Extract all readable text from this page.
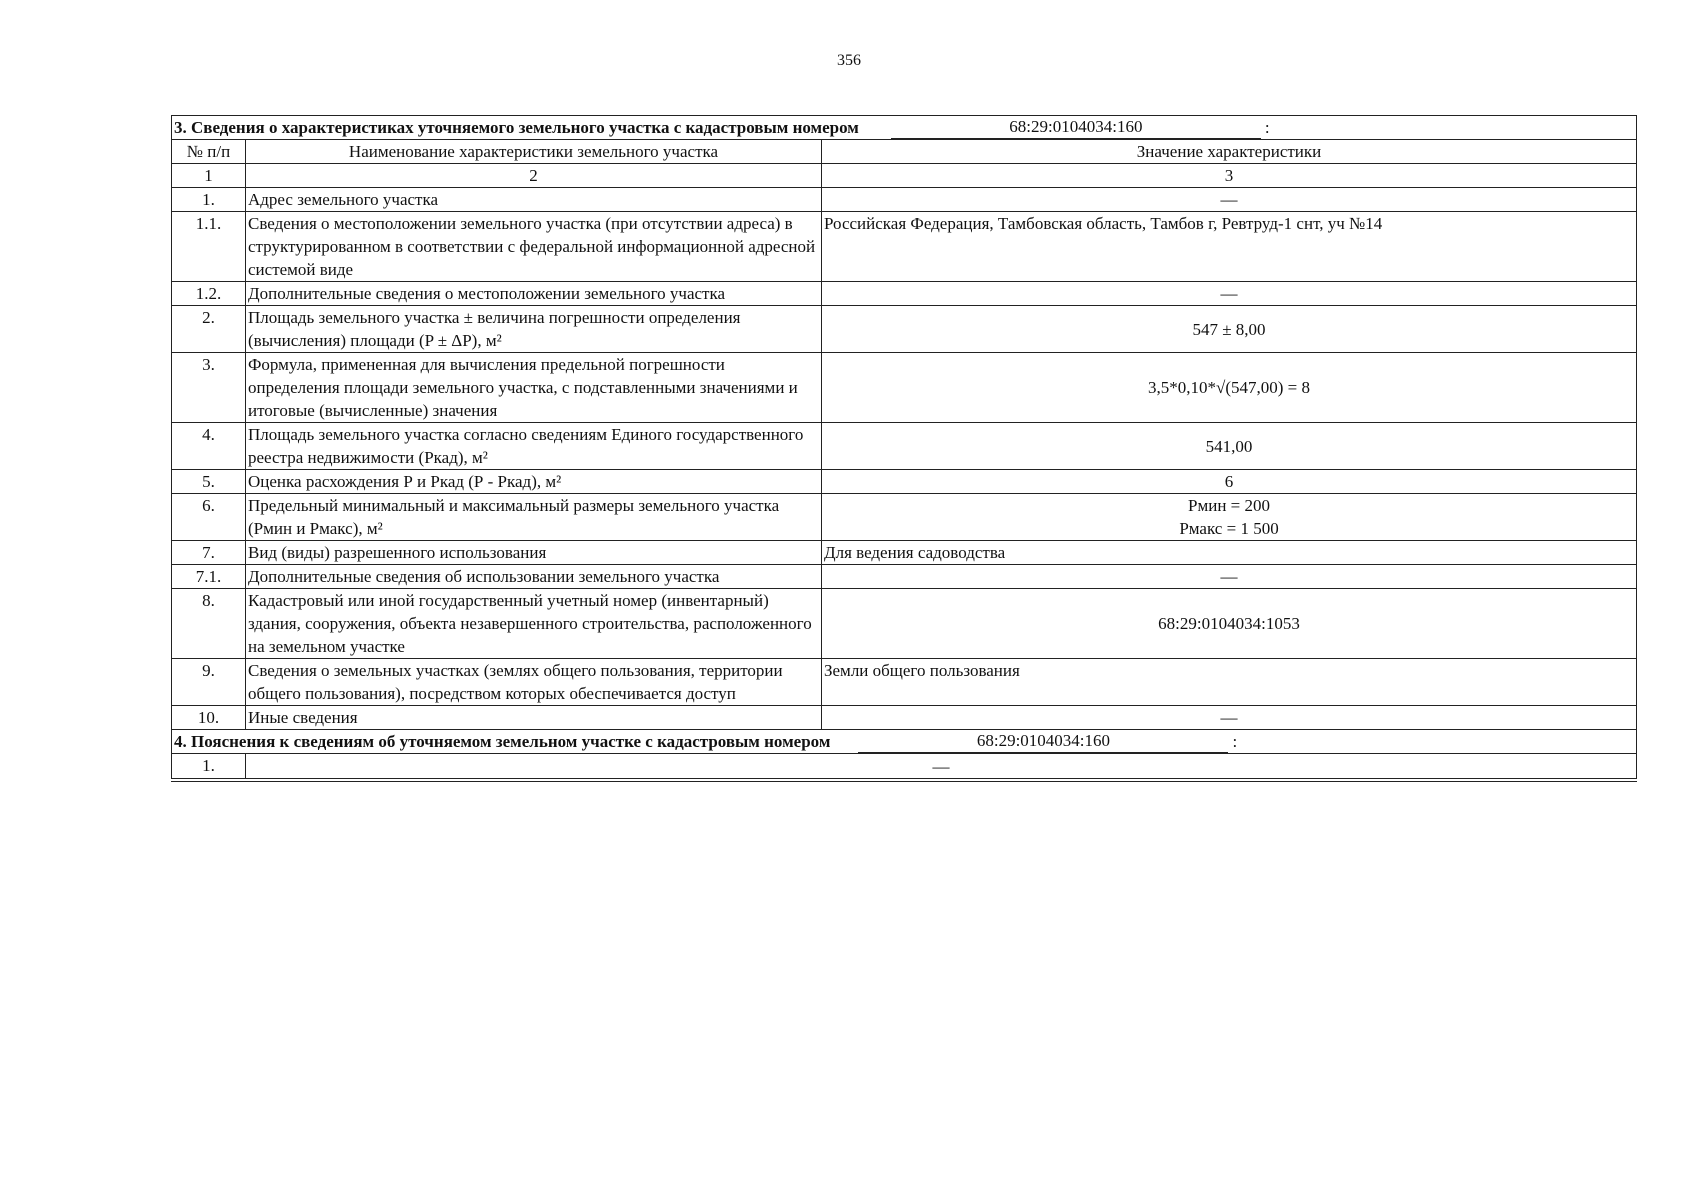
356
3. Сведения о характеристиках уточняемого земельного участка с кадастровым номером 68:29:0104034:160 :		
№ п/п	Наименование характеристики земельного участка	Значение характеристики
1	2	3
1.	Адрес земельного участка	—
1.1.	Сведения о местоположении земельного участка (при отсутствии адреса) в структурированном в соответствии с федеральной информационной адресной системой виде	Российская Федерация, Тамбовская область, Тамбов г, Ревтруд-1 снт, уч №14
1.2.	Дополнительные сведения о местоположении земельного участка	—
2.	Площадь земельного участка ± величина погрешности определения (вычисления) площади (P ± ΔP), м²	547 ± 8,00
3.	Формула, примененная для вычисления предельной погрешности определения площади земельного участка, с подставленными значениями и итоговые (вычисленные) значения	3,5*0,10*√(547,00) = 8
4.	Площадь земельного участка согласно сведениям Единого государственного реестра недвижимости (Ркад), м²	541,00
5.	Оценка расхождения Р и Ркад (Р - Ркад), м²	6
6.	Предельный минимальный и максимальный размеры земельного участка (Рмин и Рмакс), м²	Рмин = 200
Рмакс = 1 500

7.	Вид (виды) разрешенного использования	Для ведения садоводства
7.1.	Дополнительные сведения об использовании земельного участка	—
8.	Кадастровый или иной государственный учетный номер (инвентарный) здания, сооружения, объекта незавершенного строительства, расположенного на земельном участке	68:29:0104034:1053
9.	Сведения о земельных участках (землях общего пользования, территории общего пользования), посредством которых обеспечивается доступ	Земли общего пользования
10.	Иные сведения	—
4. Пояснения к сведениям об уточняемом земельном участке с кадастровым номером 68:29:0104034:160 :		
1.	—	
